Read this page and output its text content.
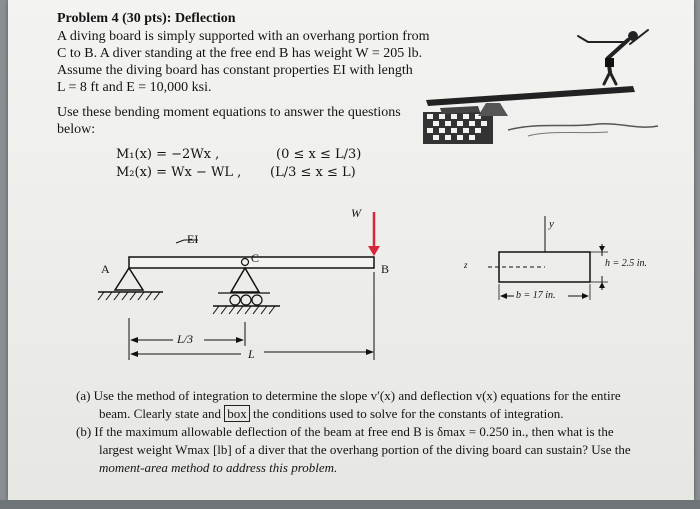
Problem 4 (30 pts): Deflection
A diving board is simply supported with an overhang portion from
C to B. A diver standing at the free end B has weight W = 205 lb.
Assume the diving board has constant properties EI with length
L = 8 ft and E = 10,000 ksi.
Use these bending moment equations to answer the questions
below:
M₁(x) = −2Wx ,	(0 ≤ x ≤ L/3)
M₂(x) = Wx − WL , (L/3 ≤ x ≤ L)
EI
W
A	B
C
L/3
L
y
z	h = 2.5 in.
b = 17 in.
(a) Use the method of integration to determine the slope v′(x) and deflection v(x) equations for the entire
beam. Clearly state and box the conditions used to solve for the constants of integration.
(b) If the maximum allowable deflection of the beam at free end B is δmax = 0.250 in., then what is the
largest weight Wmax [lb] of a diver that the overhang portion of the diving board can sustain? Use the
moment-area method to address this problem.
